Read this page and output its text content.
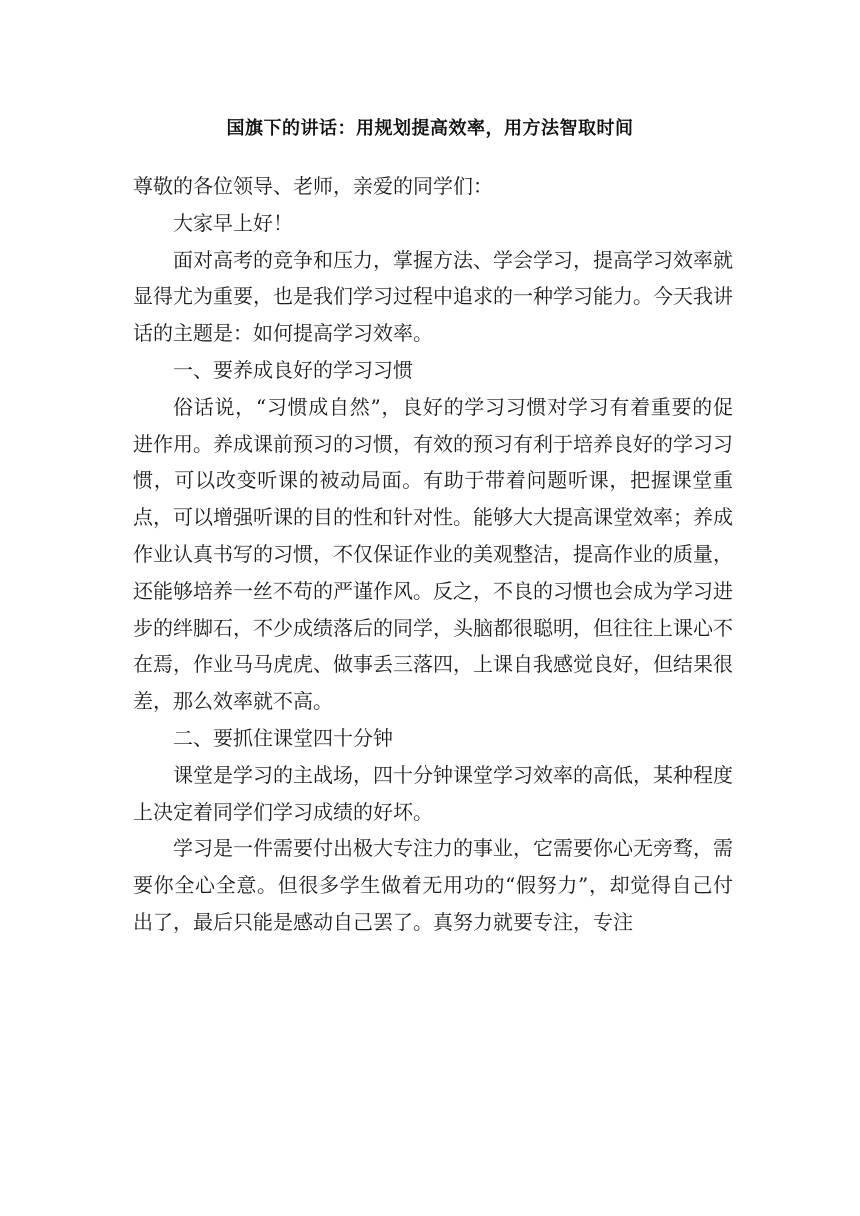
国旗下的讲话：用规划提高效率，用方法智取时间

尊敬的各位领导、老师，亲爱的同学们：

大家早上好！

面对高考的竞争和压力，掌握方法、学会学习，提高学习效率就显得尤为重要，也是我们学习过程中追求的一种学习能力。今天我讲话的主题是：如何提高学习效率。

一、要养成良好的学习习惯

俗话说，“习惯成自然”，良好的学习习惯对学习有着重要的促进作用。养成课前预习的习惯，有效的预习有利于培养良好的学习习惯，可以改变听课的被动局面。有助于带着问题听课，把握课堂重点，可以增强听课的目的性和针对性。能够大大提高课堂效率；养成作业认真书写的习惯，不仅保证作业的美观整洁，提高作业的质量，还能够培养一丝不苟的严谨作风。反之，不良的习惯也会成为学习进步的绊脚石，不少成绩落后的同学，头脑都很聪明，但往往上课心不在焉，作业马马虎虎、做事丢三落四，上课自我感觉良好，但结果很差，那么效率就不高。

二、要抓住课堂四十分钟

课堂是学习的主战场，四十分钟课堂学习效率的高低，某种程度上决定着同学们学习成绩的好坏。

学习是一件需要付出极大专注力的事业，它需要你心无旁骛，需要你全心全意。但很多学生做着无用功的“假努力”，却觉得自己付出了，最后只能是感动自己罢了。真努力就要专注，专注
